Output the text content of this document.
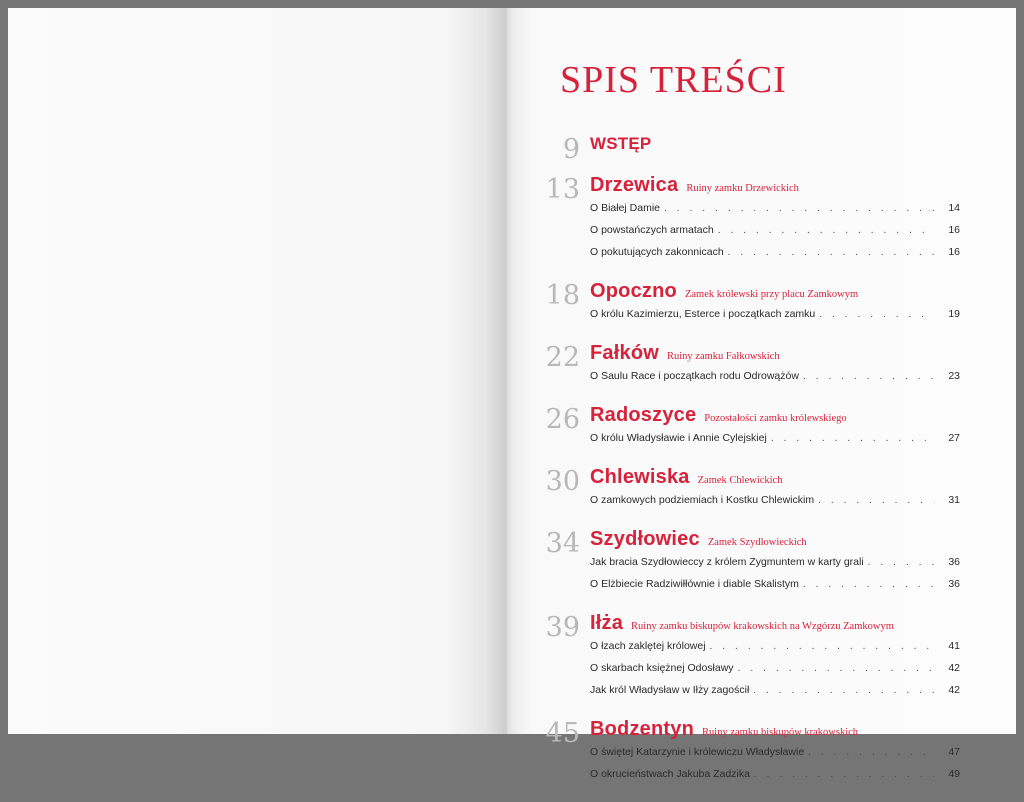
SPIS TREŚCI
9 WSTĘP
13 Drzewica Ruiny zamku Drzewickich
O Białej Damie . . .	14
O powstańczych armatach . . .	16
O pokutujących zakonnicach . . .	16
18 Opoczno Zamek królewski przy placu Zamkowym
O królu Kazimierzu, Esterce i początkach zamku . . .	19
22 Fałków Ruiny zamku Fałkowskich
O Saulu Race i początkach rodu Odrowążów . . .	23
26 Radoszyce Pozostałości zamku królewskiego
O królu Władysławie i Annie Cylejskiej . . .	27
30 Chlewiska Zamek Chlewickich
O zamkowych podziemiach i Kostku Chlewickim . . .	31
34 Szydłowiec Zamek Szydłowieckich
Jak bracia Szydłowieccy z królem Zygmuntem w karty grali . . .	36
O Elżbiecie Radziwiłłównie i diable Skalistym . . .	36
39 Iłża Ruiny zamku biskupów krakowskich na Wzgórzu Zamkowym
O łzach zaklętej królowej . . .	41
O skarbach księżnej Odosławy . . .	42
Jak król Władysław w Iłży zagościł . . .	42
45 Bodzentyn Ruiny zamku biskupów krakowskich
O świętej Katarzynie i królewiczu Władysławie . . .	47
O okrucieństwach Jakuba Zadzika . . .	49
